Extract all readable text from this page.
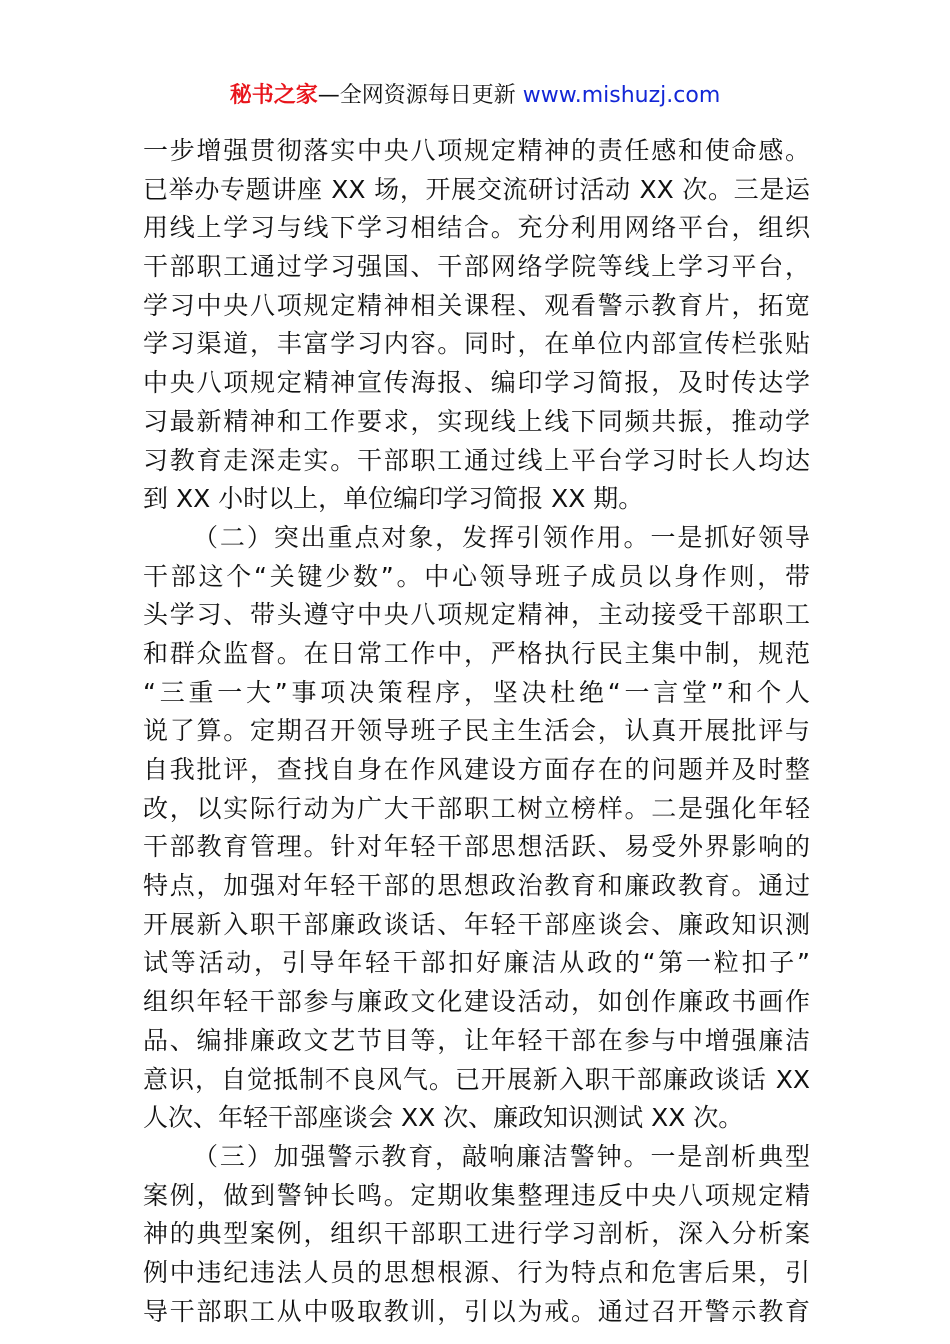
秘书之家—全网资源每日更新 www.mishuzj.com
一步增强贯彻落实中央八项规定精神的责任感和使命感。
已举办专题讲座 XX 场，开展交流研讨活动 XX 次。三是运
用线上学习与线下学习相结合。充分利用网络平台，组织
干部职工通过学习强国、干部网络学院等线上学习平台，
学习中央八项规定精神相关课程、观看警示教育片，拓宽
学习渠道，丰富学习内容。同时，在单位内部宣传栏张贴
中央八项规定精神宣传海报、编印学习简报，及时传达学
习最新精神和工作要求，实现线上线下同频共振，推动学
习教育走深走实。干部职工通过线上平台学习时长人均达
到 XX 小时以上，单位编印学习简报 XX 期。
（二）突出重点对象，发挥引领作用。一是抓好领导
干部这个“关键少数”。中心领导班子成员以身作则，带
头学习、带头遵守中央八项规定精神，主动接受干部职工
和群众监督。在日常工作中，严格执行民主集中制，规范
“三重一大”事项决策程序，坚决杜绝“一言堂”和个人
说了算。定期召开领导班子民主生活会，认真开展批评与
自我批评，查找自身在作风建设方面存在的问题并及时整
改，以实际行动为广大干部职工树立榜样。二是强化年轻
干部教育管理。针对年轻干部思想活跃、易受外界影响的
特点，加强对年轻干部的思想政治教育和廉政教育。通过
开展新入职干部廉政谈话、年轻干部座谈会、廉政知识测
试等活动，引导年轻干部扣好廉洁从政的“第一粒扣子”
组织年轻干部参与廉政文化建设活动，如创作廉政书画作
品、编排廉政文艺节目等，让年轻干部在参与中增强廉洁
意识，自觉抵制不良风气。已开展新入职干部廉政谈话 XX
人次、年轻干部座谈会 XX 次、廉政知识测试 XX 次。
（三）加强警示教育，敲响廉洁警钟。一是剖析典型
案例，做到警钟长鸣。定期收集整理违反中央八项规定精
神的典型案例，组织干部职工进行学习剖析，深入分析案
例中违纪违法人员的思想根源、行为特点和危害后果，引
导干部职工从中吸取教训，引以为戒。通过召开警示教育
